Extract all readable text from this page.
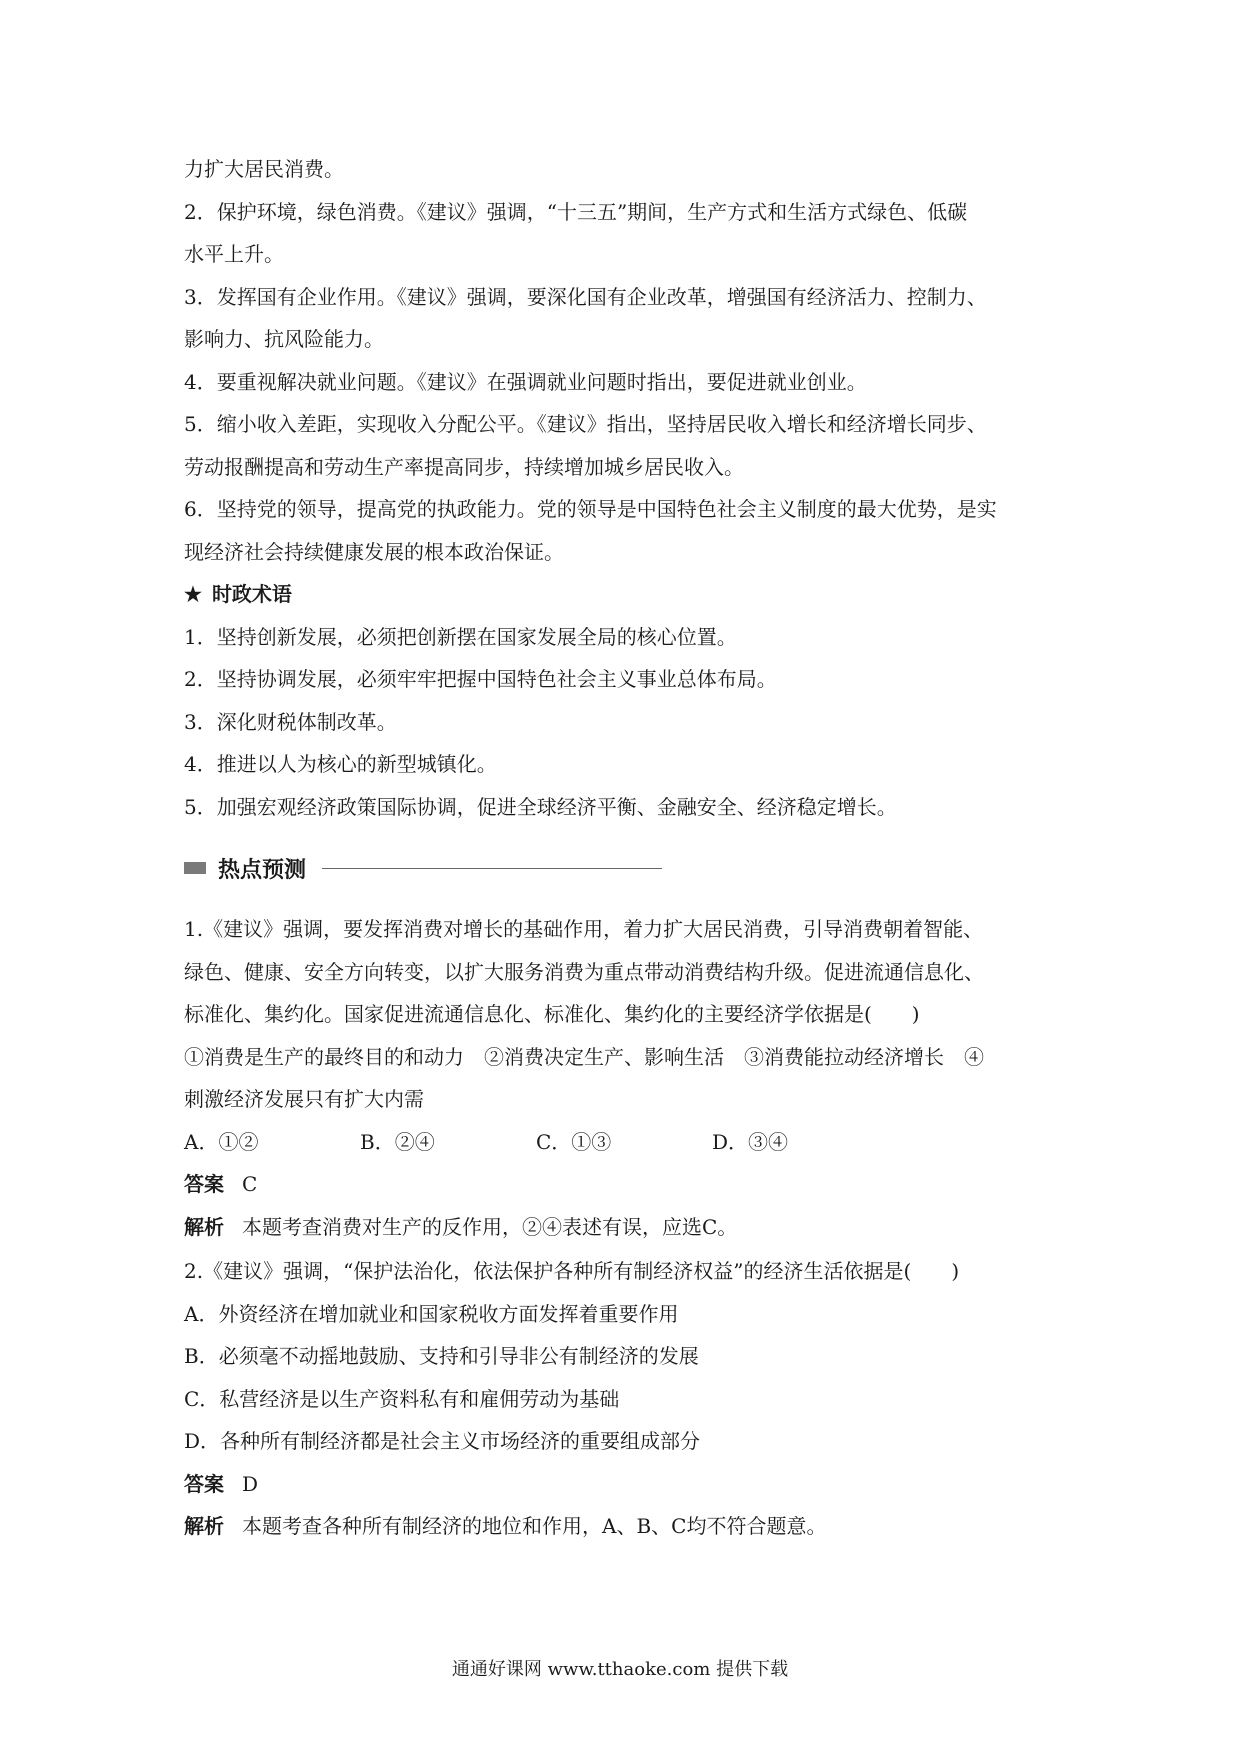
力扩大居民消费。

2．保护环境，绿色消费。《建议》强调，“十三五”期间，生产方式和生活方式绿色、低碳

水平上升。

3．发挥国有企业作用。《建议》强调，要深化国有企业改革，增强国有经济活力、控制力、

影响力、抗风险能力。

4．要重视解决就业问题。《建议》在强调就业问题时指出，要促进就业创业。

5．缩小收入差距，实现收入分配公平。《建议》指出，坚持居民收入增长和经济增长同步、

劳动报酬提高和劳动生产率提高同步，持续增加城乡居民收入。

6．坚持党的领导，提高党的执政能力。党的领导是中国特色社会主义制度的最大优势，是实

现经济社会持续健康发展的根本政治保证。

★ 时政术语

1．坚持创新发展，必须把创新摆在国家发展全局的核心位置。

2．坚持协调发展，必须牢牢把握中国特色社会主义事业总体布局。

3．深化财税体制改革。

4．推进以人为核心的新型城镇化。

5．加强宏观经济政策国际协调，促进全球经济平衡、金融安全、经济稳定增长。

热点预测

1.《建议》强调，要发挥消费对增长的基础作用，着力扩大居民消费，引导消费朝着智能、

绿色、健康、安全方向转变，以扩大服务消费为重点带动消费结构升级。促进流通信息化、

标准化、集约化。国家促进流通信息化、标准化、集约化的主要经济学依据是(　　)

①消费是生产的最终目的和动力　②消费决定生产、影响生活　③消费能拉动经济增长　④

刺激经济发展只有扩大内需

A．①②	B．②④	C．①③	D．③④

答案 C

解析 本题考查消费对生产的反作用，②④表述有误，应选C。

2.《建议》强调，“保护法治化，依法保护各种所有制经济权益”的经济生活依据是(　　)

A．外资经济在增加就业和国家税收方面发挥着重要作用

B．必须毫不动摇地鼓励、支持和引导非公有制经济的发展

C．私营经济是以生产资料私有和雇佣劳动为基础

D．各种所有制经济都是社会主义市场经济的重要组成部分

答案 D

解析 本题考查各种所有制经济的地位和作用，A、B、C均不符合题意。

通通好课网 www.tthaoke.com 提供下载
